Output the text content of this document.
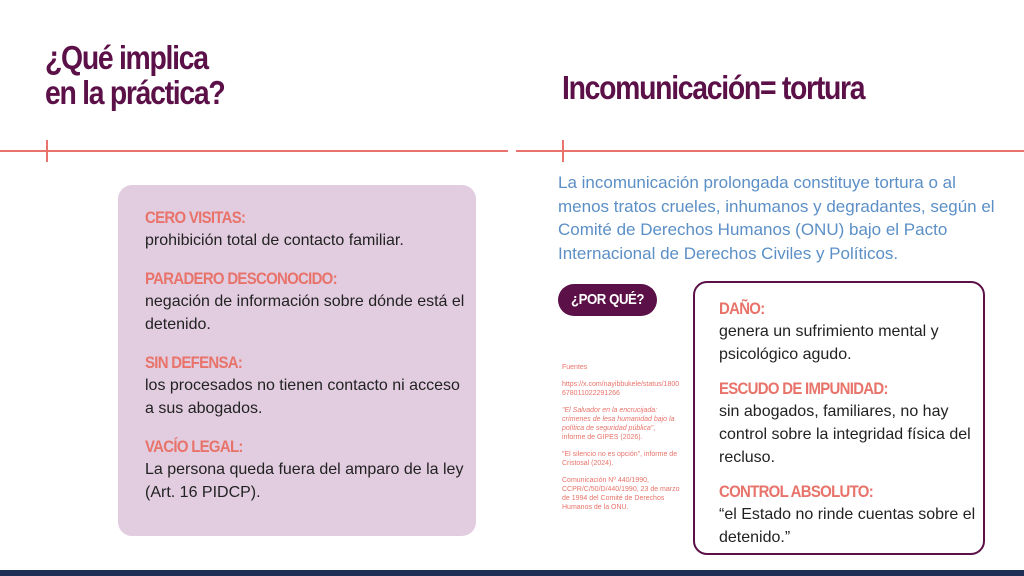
¿Qué implica
en la práctica?
CERO VISITAS:
prohibición total de contacto familiar.
PARADERO DESCONOCIDO:
negación de información sobre dónde está el detenido.
SIN DEFENSA:
los procesados no tienen contacto ni acceso a sus abogados.
VACÍO LEGAL:
La persona queda fuera del amparo de la ley (Art. 16 PIDCP).
Incomunicación= tortura
La incomunicación prolongada constituye tortura o al menos tratos crueles, inhumanos y degradantes, según el Comité de Derechos Humanos (ONU) bajo el Pacto Internacional de Derechos Civiles y Políticos.
¿POR QUÉ?

Fuentes

https://x.com/nayibbukele/status/1800678011022291266

"El Salvador en la encrucijada: crímenes de lesa humanidad bajo la política de seguridad pública", informe de GIPES (2026).

"El silencio no es opción", informe de Cristosal (2024).

Comunicación Nº 440/1990, CCPR/C/50/D/440/1990, 23 de marzo de 1994 del Comité de Derechos Humanos de la ONU.

DAÑO:
genera un sufrimiento mental y psicológico agudo.
ESCUDO DE IMPUNIDAD:
sin abogados, familiares, no hay control sobre la integridad física del recluso.
CONTROL ABSOLUTO:
“el Estado no rinde cuentas sobre el detenido.”
